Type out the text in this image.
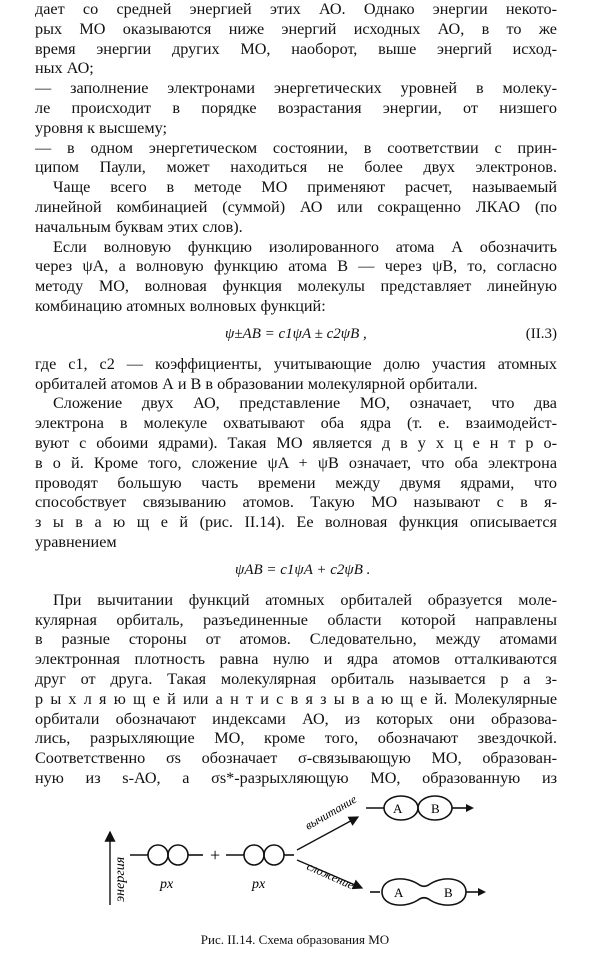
дает со средней энергией этих АО. Однако энергии некото-
рых МО оказываются ниже энергий исходных АО, в то же
время энергии других МО, наоборот, выше энергий исход-
ных АО;
— заполнение электронами энергетических уровней в молеку-
ле происходит в порядке возрастания энергии, от низшего
уровня к высшему;
— в одном энергетическом состоянии, в соответствии с прин-
ципом Паули, может находиться не более двух электронов.
Чаще всего в методе МО применяют расчет, называемый
линейной комбинацией (суммой) АО или сокращенно ЛКАО (по
начальным буквам этих слов).
Если волновую функцию изолированного атома А обозначить
через ψA, а волновую функцию атома В — через ψB, то, согласно
методу МО, волновая функция молекулы представляет линейную
комбинацию атомных волновых функций:
ψ±AB = c1ψA ± c2ψB ,	(II.3)
где c1, c2 — коэффициенты, учитывающие долю участия атомных
орбиталей атомов А и В в образовании молекулярной орбитали.
Сложение двух АО, представление МО, означает, что два
электрона в молекуле охватывают оба ядра (т. е. взаимодейст-
вуют с обоими ядрами). Такая МО является д в у х ц е н т р о-
в о й. Кроме того, сложение ψA + ψB означает, что оба электрона
проводят большую часть времени между двумя ядрами, что
способствует связыванию атомов. Такую МО называют с в я-
з ы в а ю щ е й (рис. II.14). Ее волновая функция описывается
уравнением
ψAB = c1ψA + c2ψB .
При вычитании функций атомных орбиталей образуется моле-
кулярная орбиталь, разъединенные области которой направлены
в разные стороны от атомов. Следовательно, между атомами
электронная плотность равна нулю и ядра атомов отталкиваются
друг от друга. Такая молекулярная орбиталь называется р а з-
р ы х л я ю щ е й или а н т и с в я з ы в а ю щ е й. Молекулярные
орбитали обозначают индексами АО, из которых они образова-
лись, разрыхляющие МО, кроме того, обозначают звездочкой.
Соответственно σs обозначает σ-связывающую МО, образован-
ную из s-АО, а σs*-разрыхляющую МО, образованную из
энергия px
+
px
вычитание
сложение
A B
A	B
Рис. II.14. Схема образования МО
